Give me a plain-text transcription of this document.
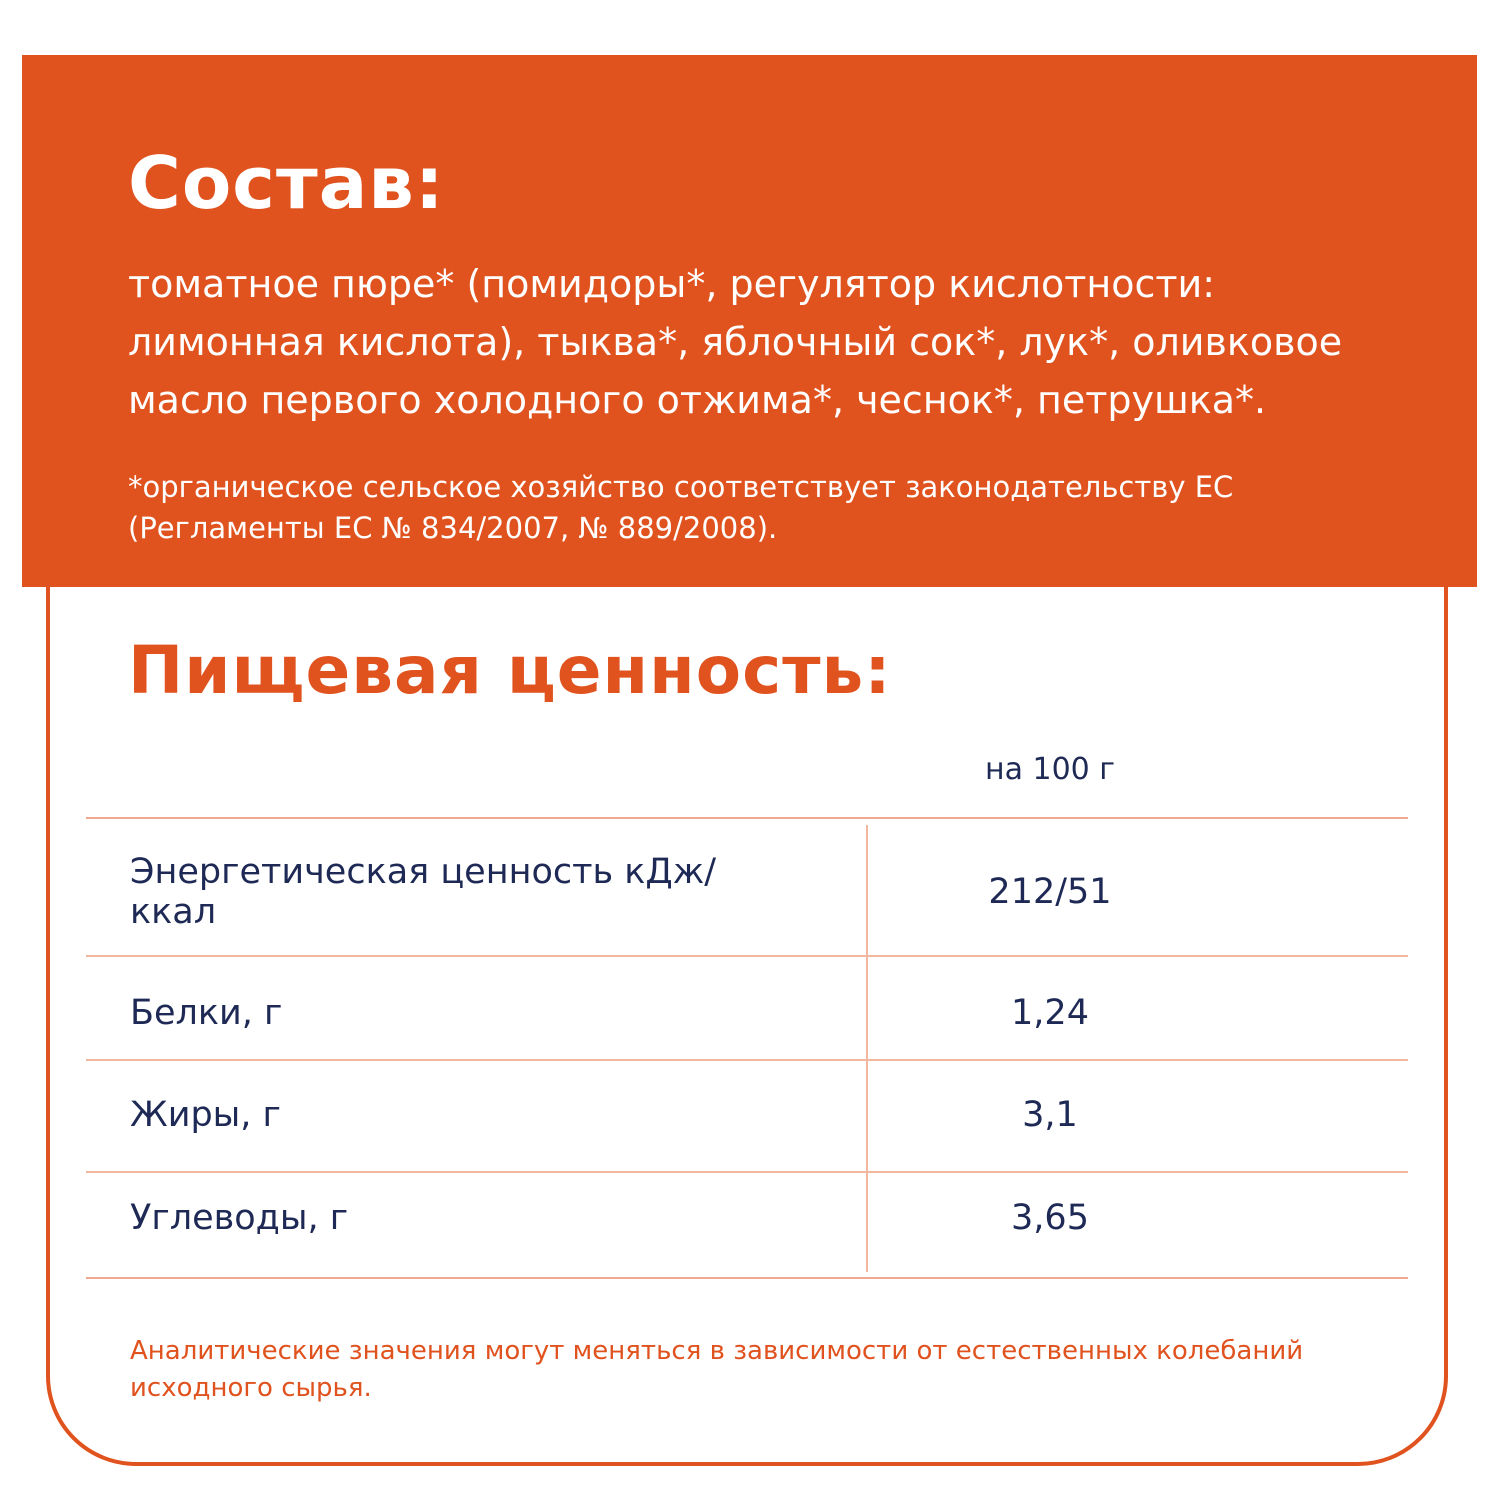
Состав:

томатное пюре* (помидоры*, регулятор кислотности: лимонная кислота), тыква*, яблочный сок*, лук*, оливковое масло первого холодного отжима*, чеснок*, петрушка*.

*органическое сельское хозяйство соответствует законодательству ЕС (Регламенты ЕС № 834/2007, № 889/2008).

Пищевая ценность:
на 100 г
Энергетическая ценность кДж/ккал	212/51
Белки, г	1,24
Жиры, г	3,1
Углеводы, г	3,65

Аналитические значения могут меняться в зависимости от естественных колебаний исходного сырья.
